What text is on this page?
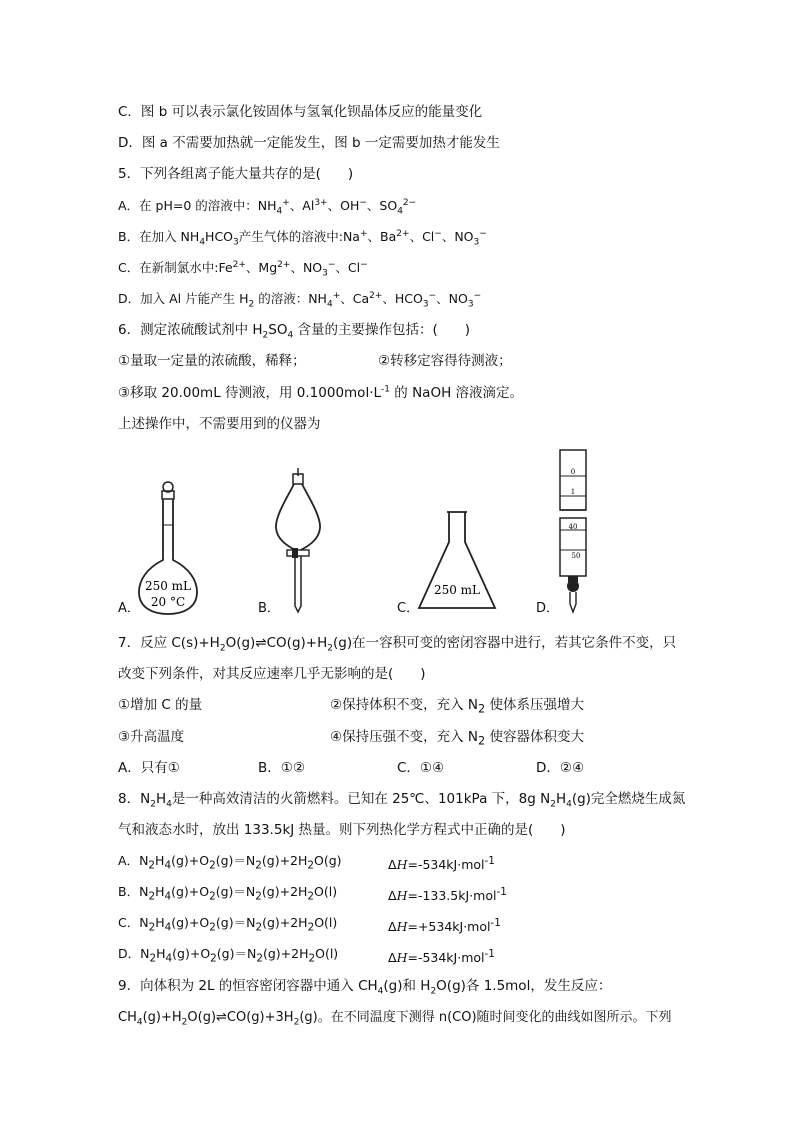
C．图 b 可以表示氯化铵固体与氢氧化钡晶体反应的能量变化
D．图 a 不需要加热就一定能发生，图 b 一定需要加热才能发生
5．下列各组离子能大量共存的是(　　)
A．在 pH=0 的溶液中：$NH_4^+$、$Al^{3+}$、OH−、$SO_4^{2-}$
B．在加入 $NH_4HCO_3$产生气体的溶液中:Na+、$Ba^{2+}$、Cl−、$NO_3^-$
C．在新制氯水中$:Fe^{2+}$、$Mg^{2+}$、$NO_3^-$、Cl−
D．加入 Al 片能产生 $H_2$ 的溶液：$NH_4^+$、$Ca^{2+}$、$HCO_3^-$、$NO_3^-$
6．测定浓硫酸试剂中 $H_2SO_4$ 含量的主要操作包括：(　　)
①量取一定量的浓硫酸，稀释；	②转移定容得待测液；
③移取 20.00mL 待测液，用 $0.1000mol\cdot L^{-1}$ 的 NaOH 溶液滴定。
上述操作中，不需要用到的仪器为
A．	B．	C．	D．
250 mL
20 °C
250 mL
0
1
40
50
7．反应 $C(s)+H_2O(g)\rightleftharpoons CO(g)+H_2(g)$在一容积可变的密闭容器中进行，若其它条件不变，只
改变下列条件，对其反应速率几乎无影响的是(　　)
①增加 C 的量	②保持体积不变，充入 $N_2$ 使体系压强增大
③升高温度	④保持压强不变，充入 $N_2$ 使容器体积变大
A．只有①	B．①②	C．①④	D．②④
8．$N_2H_4$是一种高效清洁的火箭燃料。已知在 25℃、101kPa 下，8g $N_2H_4(g)$完全燃烧生成氮
气和液态水时，放出 133.5kJ 热量。则下列热化学方程式中正确的是(　　)
A．$N_2H_4(g)+O_2(g)=N_2(g)+2H_2O(g)$	ΔH=-534kJ·mol$^{-1}$
B．$N_2H_4(g)+O_2(g)=N_2(g)+2H_2O(l)$	ΔH=-133.5kJ·mol$^{-1}$
C．$N_2H_4(g)+O_2(g)=N_2(g)+2H_2O(l)$	ΔH=+534kJ·mol$^{-1}$
D．$N_2H_4(g)+O_2(g)=N_2(g)+2H_2O(l)$	ΔH=-534kJ·mol$^{-1}$
9．向体积为 2L 的恒容密闭容器中通入 $CH_4(g)$和 $H_2O(g)$各 1.5mol，发生反应：
$CH_4(g)+H_2O(g)\rightleftharpoons CO(g)+3H_2(g)$。在不同温度下测得 n(CO)随时间变化的曲线如图所示。下列
